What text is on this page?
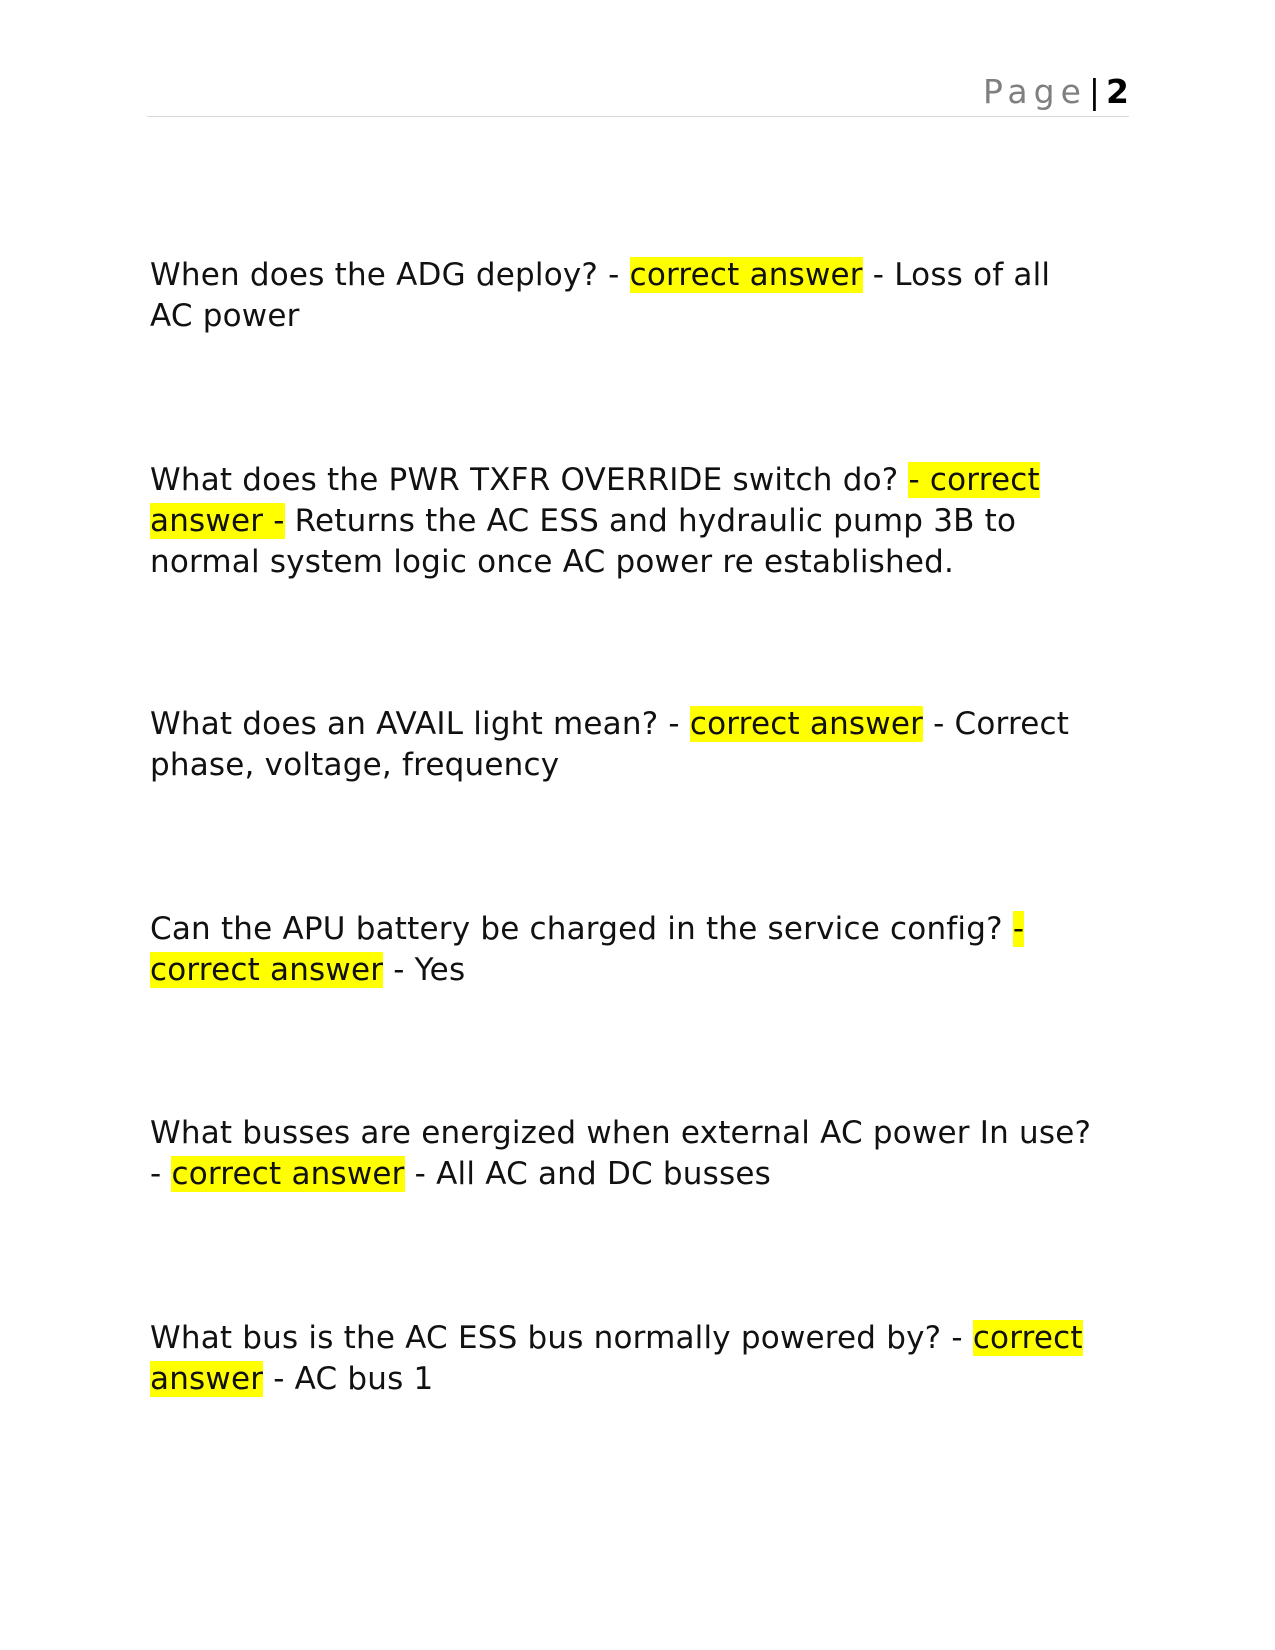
Page| 2
When does the ADG deploy? - correct answer - Loss of all AC power
What does the PWR TXFR OVERRIDE switch do? - correct answer - Returns the AC ESS and hydraulic pump 3B to normal system logic once AC power re established.
What does an AVAIL light mean? - correct answer - Correct phase, voltage, frequency
Can the APU battery be charged in the service config? - correct answer - Yes
What busses are energized when external AC power In use? - correct answer - All AC and DC busses
What bus is the AC ESS bus normally powered by? - correct answer - AC bus 1
